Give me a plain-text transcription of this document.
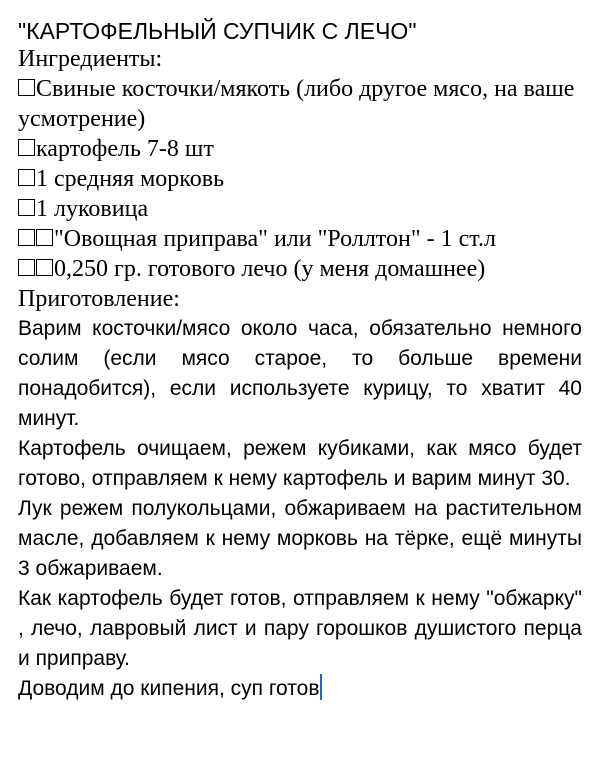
"КАРТОФЕЛЬНЫЙ СУПЧИК С ЛЕЧО"
Ингредиенты:
Свиные косточки/мякоть (либо другое мясо, на ваше усмотрение)
картофель 7-8 шт
1 средняя морковь
1 луковица
"Овощная приправа" или "Роллтон" - 1 ст.л
0,250 гр. готового лечо (у меня домашнее)
Приготовление:
Варим косточки/мясо около часа, обязательно немного солим (если мясо старое, то больше времени понадобится), если используете курицу, то хватит 40 минут.
Картофель очищаем, режем кубиками, как мясо будет готово, отправляем к нему картофель и варим минут 30.
Лук режем полукольцами, обжариваем на растительном масле, добавляем к нему морковь на тёрке, ещё минуты 3 обжариваем.
Как картофель будет готов, отправляем к нему "обжарку" , лечо, лавровый лист и пару горошков душистого перца и приправу.
Доводим до кипения, суп готов
